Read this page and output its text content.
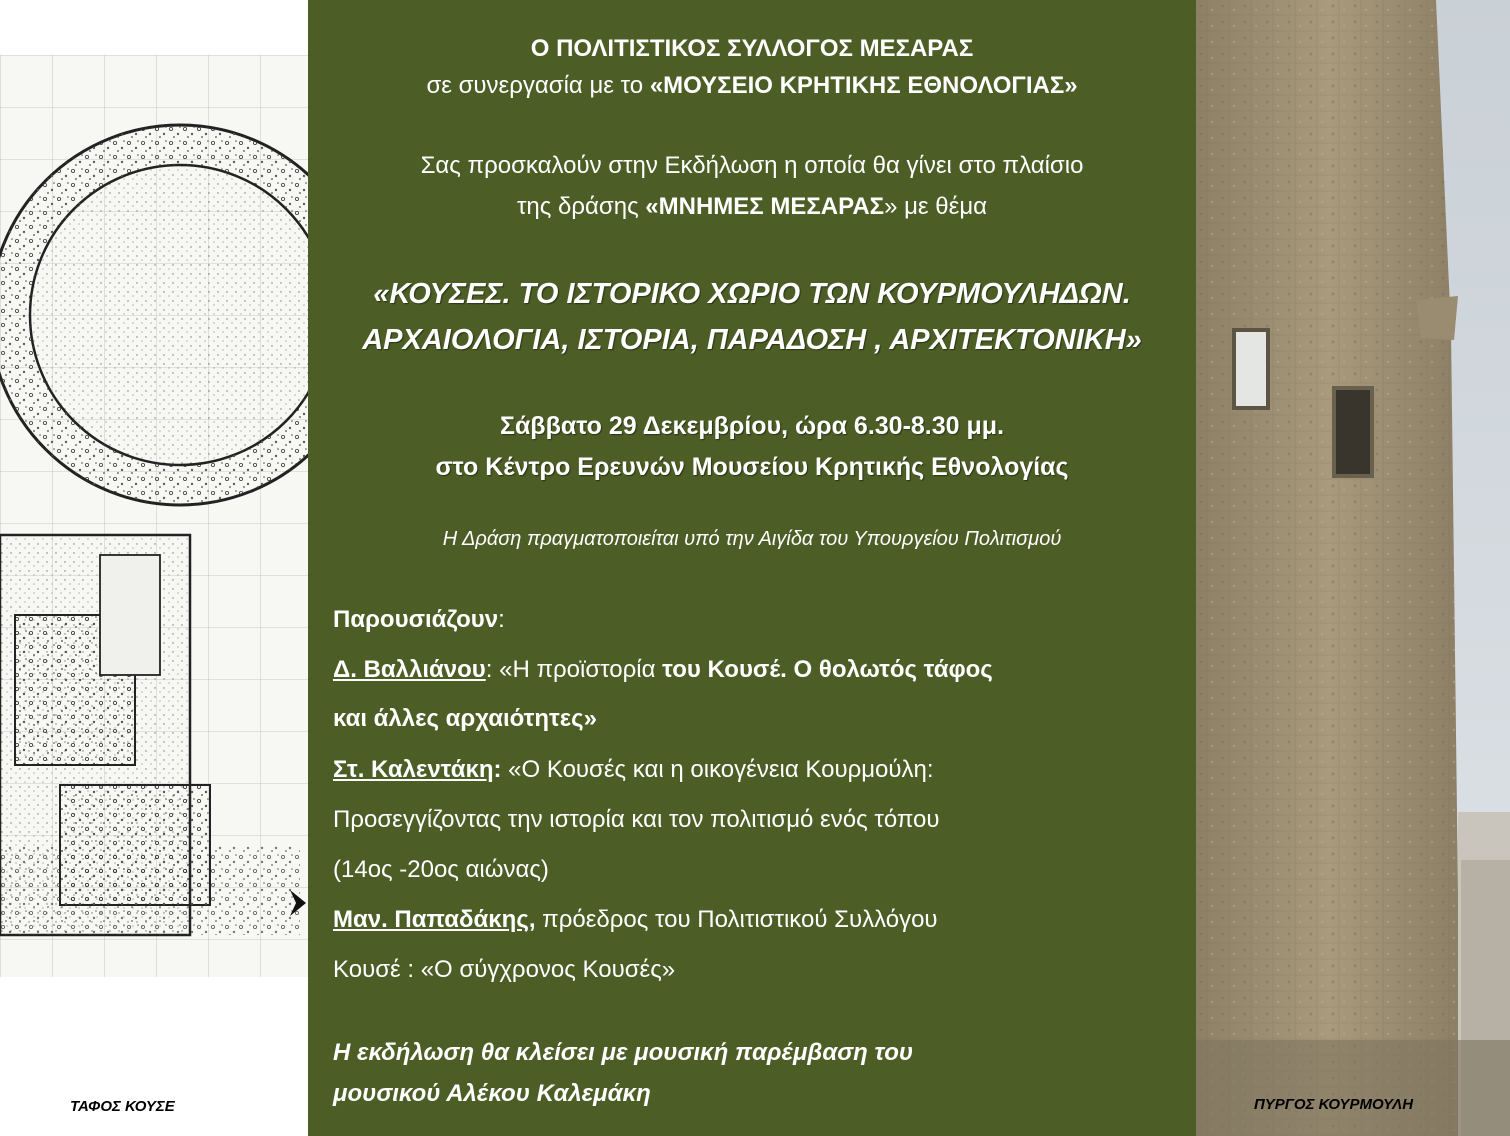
ΤΑΦΟΣ ΚΟΥΣΕ	ΠΥΡΓΟΣ ΚΟΥΡΜΟΥΛΗ
Ο ΠΟΛΙΤΙΣΤΙΚΟΣ ΣΥΛΛΟΓΟΣ ΜΕΣΑΡΑΣ
σε συνεργασία με το «ΜΟΥΣΕΙΟ ΚΡΗΤΙΚΗΣ ΕΘΝΟΛΟΓΙΑΣ»
Σας προσκαλούν στην Εκδήλωση η οποία θα γίνει στο πλαίσιο
της δράσης «ΜΝΗΜΕΣ ΜΕΣΑΡΑΣ» με θέμα
«ΚΟΥΣΕΣ. ΤΟ ΙΣΤΟΡΙΚΟ ΧΩΡΙΟ ΤΩΝ ΚΟΥΡΜΟΥΛΗΔΩΝ.
ΑΡΧΑΙΟΛΟΓΙΑ, ΙΣΤΟΡΙΑ, ΠΑΡΑΔΟΣΗ , ΑΡΧΙΤΕΚΤΟΝΙΚΗ»
Σάββατο 29 Δεκεμβρίου, ώρα 6.30-8.30 μμ.
στο Κέντρο Ερευνών Μουσείου Κρητικής Εθνολογίας
Η Δράση πραγματοποιείται υπό την Αιγίδα του Υπουργείου Πολιτισμού
Παρουσιάζουν:
Δ. Βαλλιάνου: «Η προϊστορία του Κουσέ. Ο θολωτός τάφος
και άλλες αρχαιότητες»
Στ. Καλεντάκη: «Ο Κουσές και η οικογένεια Κουρμούλη:
Προσεγγίζοντας την ιστορία και τον πολιτισμό ενός τόπου
(14ος -20ος αιώνας)
Μαν. Παπαδάκης, πρόεδρος του Πολιτιστικού Συλλόγου
Κουσέ : «Ο σύγχρονος Κουσές»
Η εκδήλωση θα κλείσει με μουσική παρέμβαση του
μουσικού Αλέκου Καλεμάκη
